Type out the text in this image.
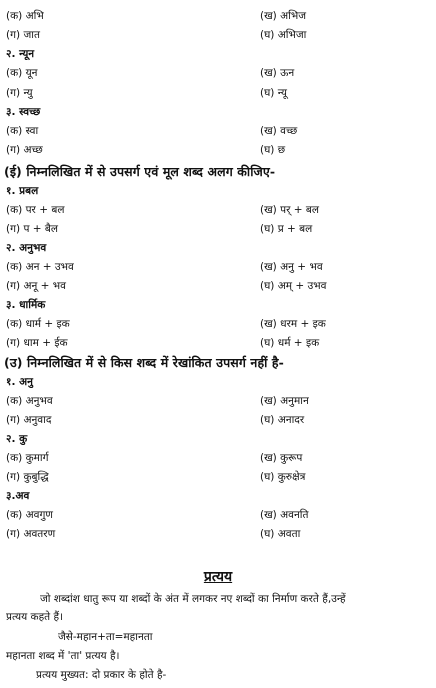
(क) अभि	(ख) अभिज
(ग) जात	(घ) अभिजा
२. न्यून
(क) यून	(ख) ऊन
(ग) न्यु	(घ) न्यू
३. स्वच्छ
(क) स्वा	(ख) वच्छ
(ग) अच्छ	(घ) छ
(ई) निम्नलिखित में से उपसर्ग एवं मूल शब्द अलग कीजिए-
१. प्रबल
(क) पर + बल	(ख) पर् + बल
(ग) प + बैल	(घ) प्र + बल
२. अनुभव
(क) अन + उभव	(ख) अनु + भव
(ग) अनू + भव	(घ) अम् + उभव
३. धार्मिक
(क) धार्म + इक	(ख) धरम + इक
(ग) धाम + ईक	(घ) धर्म + इक
(उ) निम्नलिखित में से किस शब्द में रेखांकित उपसर्ग नहीं है-
१. अनु
(क) अनुभव	(ख) अनुमान
(ग) अनुवाद	(घ) अनादर
२. कु
(क) कुमार्ग	(ख) कुरूप
(ग) कुबुद्धि	(घ) कुरुक्षेत्र
३.अव
(क) अवगुण	(ख) अवनति
(ग) अवतरण	(घ) अवता
प्रत्यय
जो शब्दांश धातु रूप या शब्दों के अंत में लगकर नए शब्दों का निर्माण करते हैं,उन्हें
प्रत्यय कहते हैं।
जैसे-महान+ता=महानता
महानता शब्द में 'ता' प्रत्यय है।
प्रत्यय मुख्यत: दो प्रकार के होते है-
